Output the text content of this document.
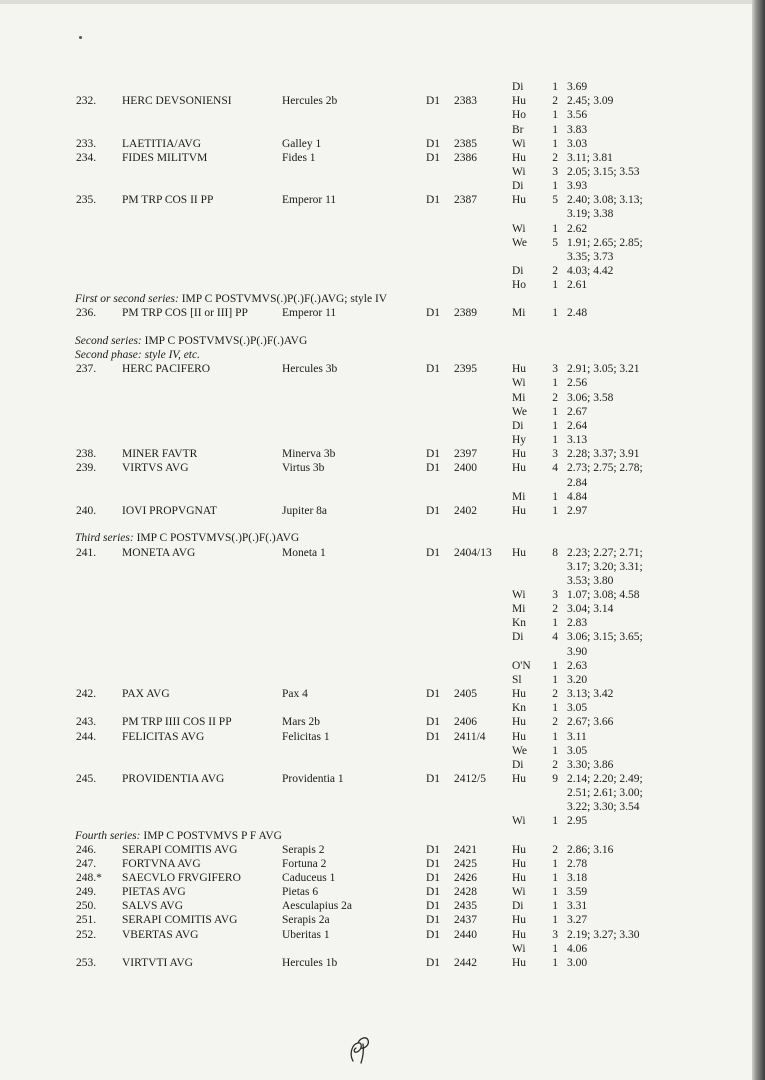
Di	1 3.69
232. HERC DEVSONIENSI	Hercules 2b	D1 2383	Hu	2 2.45; 3.09
Ho	1 3.56
Br	1 3.83
233. LAETITIA/AVG	Galley 1	D1 2385	Wi	1 3.03
234. FIDES MILITVM	Fides 1	D1 2386	Hu	2 3.11; 3.81
Wi	3 2.05; 3.15; 3.53
Di	1 3.93
235. PM TRP COS II PP	Emperor 11	D1 2387	Hu	5 2.40; 3.08; 3.13;
3.19; 3.38
Wi	1 2.62
We	5 1.91; 2.65; 2.85;
3.35; 3.73
Di	2 4.03; 4.42
Ho	1 2.61
First or second series: IMP C POSTVMVS(.)P(.)F(.)AVG; style IV
236. PM TRP COS [II or III] PP	Emperor 11	D1 2389	Mi	1 2.48
Second series: IMP C POSTVMVS(.)P(.)F(.)AVG
Second phase: style IV, etc.
237. HERC PACIFERO	Hercules 3b	D1 2395	Hu	3 2.91; 3.05; 3.21
Wi	1 2.56
Mi	2 3.06; 3.58
We	1 2.67
Di	1 2.64
Hy	1 3.13
238. MINER FAVTR	Minerva 3b	D1 2397	Hu	3 2.28; 3.37; 3.91
239. VIRTVS AVG	Virtus 3b	D1 2400	Hu	4 2.73; 2.75; 2.78;
2.84
Mi	1 4.84
240. IOVI PROPVGNAT	Jupiter 8a	D1 2402	Hu	1 2.97
Third series: IMP C POSTVMVS(.)P(.)F(.)AVG
241. MONETA AVG	Moneta 1	D1 2404/13 Hu	8 2.23; 2.27; 2.71;
3.17; 3.20; 3.31;
3.53; 3.80
Wi	3 1.07; 3.08; 4.58
Mi	2 3.04; 3.14
Kn	1 2.83
Di	4 3.06; 3.15; 3.65;
3.90
O'N	1 2.63
Sl	1 3.20
242. PAX AVG	Pax 4	D1 2405	Hu	2 3.13; 3.42
Kn	1 3.05
243. PM TRP IIII COS II PP	Mars 2b	D1 2406	Hu	2 2.67; 3.66
244. FELICITAS AVG	Felicitas 1	D1 2411/4 Hu	1 3.11
We	1 3.05
Di	2 3.30; 3.86
245. PROVIDENTIA AVG	Providentia 1	D1 2412/5 Hu	9 2.14; 2.20; 2.49;
2.51; 2.61; 3.00;
3.22; 3.30; 3.54
Wi	1 2.95
Fourth series: IMP C POSTVMVS P F AVG
246. SERAPI COMITIS AVG	Serapis 2	D1 2421	Hu	2 2.86; 3.16
247. FORTVNA AVG	Fortuna 2	D1 2425	Hu	1 2.78
248.* SAECVLO FRVGIFERO	Caduceus 1	D1 2426	Hu	1 3.18
249. PIETAS AVG	Pietas 6	D1 2428	Wi	1 3.59
250. SALVS AVG	Aesculapius 2a	D1 2435	Di	1 3.31
251. SERAPI COMITIS AVG	Serapis 2a	D1 2437	Hu	1 3.27
252. VBERTAS AVG	Uberitas 1	D1 2440	Hu	3 2.19; 3.27; 3.30
Wi	1 4.06
253. VIRTVTI AVG	Hercules 1b	D1 2442	Hu	1 3.00
